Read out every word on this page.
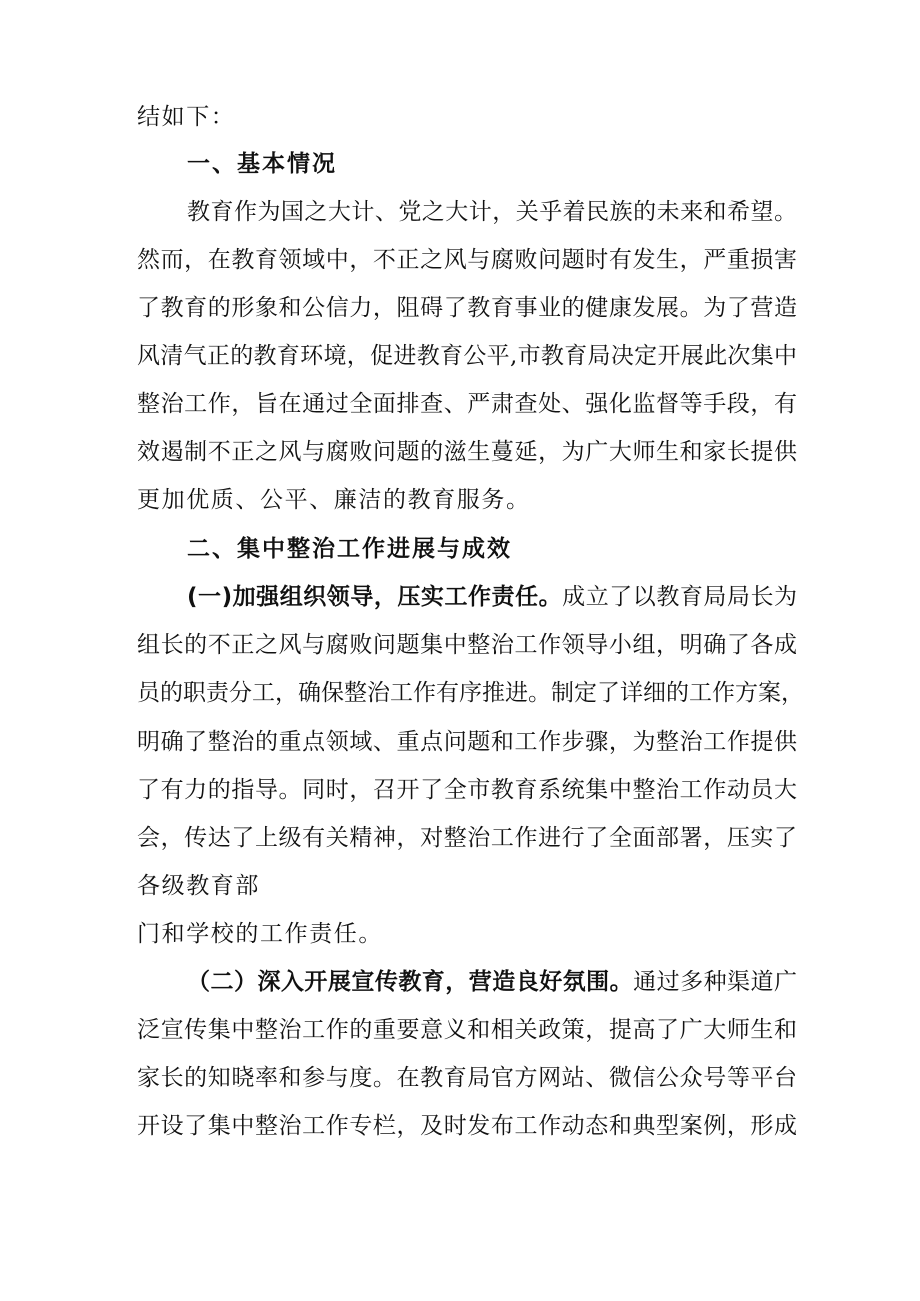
结如下：
一、基本情况
教育作为国之大计、党之大计，关乎着民族的未来和希望。
然而，在教育领域中，不正之风与腐败问题时有发生，严重损害
了教育的形象和公信力，阻碍了教育事业的健康发展。为了营造
风清气正的教育环境，促进教育公平,市教育局决定开展此次集中
整治工作，旨在通过全面排查、严肃查处、强化监督等手段，有
效遏制不正之风与腐败问题的滋生蔓延，为广大师生和家长提供
更加优质、公平、廉洁的教育服务。
二、集中整治工作进展与成效
(一)加强组织领导，压实工作责任。成立了以教育局局长为
组长的不正之风与腐败问题集中整治工作领导小组，明确了各成
员的职责分工，确保整治工作有序推进。制定了详细的工作方案，
明确了整治的重点领域、重点问题和工作步骤，为整治工作提供
了有力的指导。同时，召开了全市教育系统集中整治工作动员大
会，传达了上级有关精神，对整治工作进行了全面部署，压实了
各级教育部
门和学校的工作责任。
（二）深入开展宣传教育，营造良好氛围。通过多种渠道广
泛宣传集中整治工作的重要意义和相关政策，提高了广大师生和
家长的知晓率和参与度。在教育局官方网站、微信公众号等平台
开设了集中整治工作专栏，及时发布工作动态和典型案例，形成
